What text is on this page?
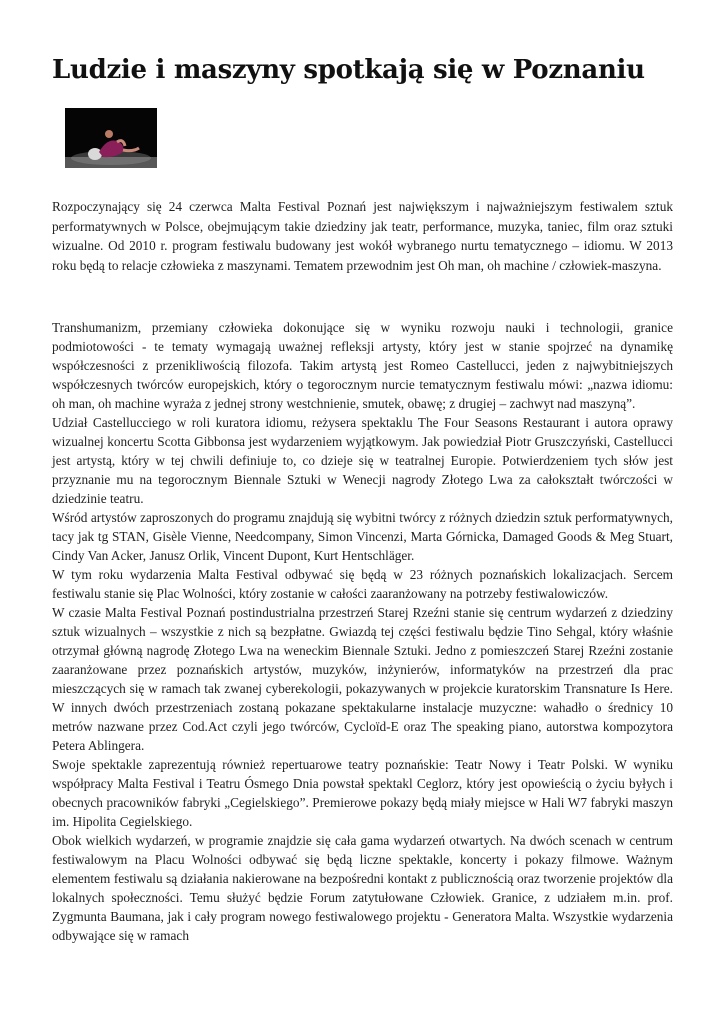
Ludzie i maszyny spotkają się w Poznaniu

Rozpoczynający się 24 czerwca Malta Festival Poznań jest największym i najważniejszym festiwalem sztuk performatywnych w Polsce, obejmującym takie dziedziny jak teatr, performance, muzyka, taniec, film oraz sztuki wizualne. Od 2010 r. program festiwalu budowany jest wokół wybranego nurtu tematycznego – idiomu. W 2013 roku będą to relacje człowieka z maszynami. Tematem przewodnim jest Oh man, oh machine / człowiek-maszyna.

Transhumanizm, przemiany człowieka dokonujące się w wyniku rozwoju nauki i technologii, granice podmiotowości - te tematy wymagają uważnej refleksji artysty, który jest w stanie spojrzeć na dynamikę współczesności z przenikliwością filozofa. Takim artystą jest Romeo Castellucci, jeden z najwybitniejszych współczesnych twórców europejskich, który o tegorocznym nurcie tematycznym festiwalu mówi: „nazwa idiomu: oh man, oh machine wyraża z jednej strony westchnienie, smutek, obawę; z drugiej – zachwyt nad maszyną”.

Udział Castellucciego w roli kuratora idiomu, reżysera spektaklu The Four Seasons Restaurant i autora oprawy wizualnej koncertu Scotta Gibbonsa jest wydarzeniem wyjątkowym. Jak powiedział Piotr Gruszczyński, Castellucci jest artystą, który w tej chwili definiuje to, co dzieje się w teatralnej Europie. Potwierdzeniem tych słów jest przyznanie mu na tegorocznym Biennale Sztuki w Wenecji nagrody Złotego Lwa za całokształt twórczości w dziedzinie teatru.

Wśród artystów zaproszonych do programu znajdują się wybitni twórcy z różnych dziedzin sztuk performatywnych, tacy jak tg STAN, Gisèle Vienne, Needcompany, Simon Vincenzi, Marta Górnicka, Damaged Goods & Meg Stuart, Cindy Van Acker, Janusz Orlik, Vincent Dupont, Kurt Hentschläger.

W tym roku wydarzenia Malta Festival odbywać się będą w 23 różnych poznańskich lokalizacjach. Sercem festiwalu stanie się Plac Wolności, który zostanie w całości zaaranżowany na potrzeby festiwalowiczów.

W czasie Malta Festival Poznań postindustrialna przestrzeń Starej Rzeźni stanie się centrum wydarzeń z dziedziny sztuk wizualnych – wszystkie z nich są bezpłatne. Gwiazdą tej części festiwalu będzie Tino Sehgal, który właśnie otrzymał główną nagrodę Złotego Lwa na weneckim Biennale Sztuki. Jedno z pomieszczeń Starej Rzeźni zostanie zaaranżowane przez poznańskich artystów, muzyków, inżynierów, informatyków na przestrzeń dla prac mieszczących się w ramach tak zwanej cyberekologii, pokazywanych w projekcie kuratorskim Transnature Is Here. W innych dwóch przestrzeniach zostaną pokazane spektakularne instalacje muzyczne: wahadło o średnicy 10 metrów nazwane przez Cod.Act czyli jego twórców, Cycloïd-E oraz The speaking piano, autorstwa kompozytora Petera Ablingera.

Swoje spektakle zaprezentują również repertuarowe teatry poznańskie: Teatr Nowy i Teatr Polski. W wyniku współpracy Malta Festival i Teatru Ósmego Dnia powstał spektakl Ceglorz, który jest opowieścią o życiu byłych i obecnych pracowników fabryki „Cegielskiego”. Premierowe pokazy będą miały miejsce w Hali W7 fabryki maszyn im. Hipolita Cegielskiego.

Obok wielkich wydarzeń, w programie znajdzie się cała gama wydarzeń otwartych. Na dwóch scenach w centrum festiwalowym na Placu Wolności odbywać się będą liczne spektakle, koncerty i pokazy filmowe. Ważnym elementem festiwalu są działania nakierowane na bezpośredni kontakt z publicznością oraz tworzenie projektów dla lokalnych społeczności. Temu służyć będzie Forum zatytułowane Człowiek. Granice, z udziałem m.in. prof. Zygmunta Baumana, jak i cały program nowego festiwalowego projektu - Generatora Malta. Wszystkie wydarzenia odbywające się w ramach
